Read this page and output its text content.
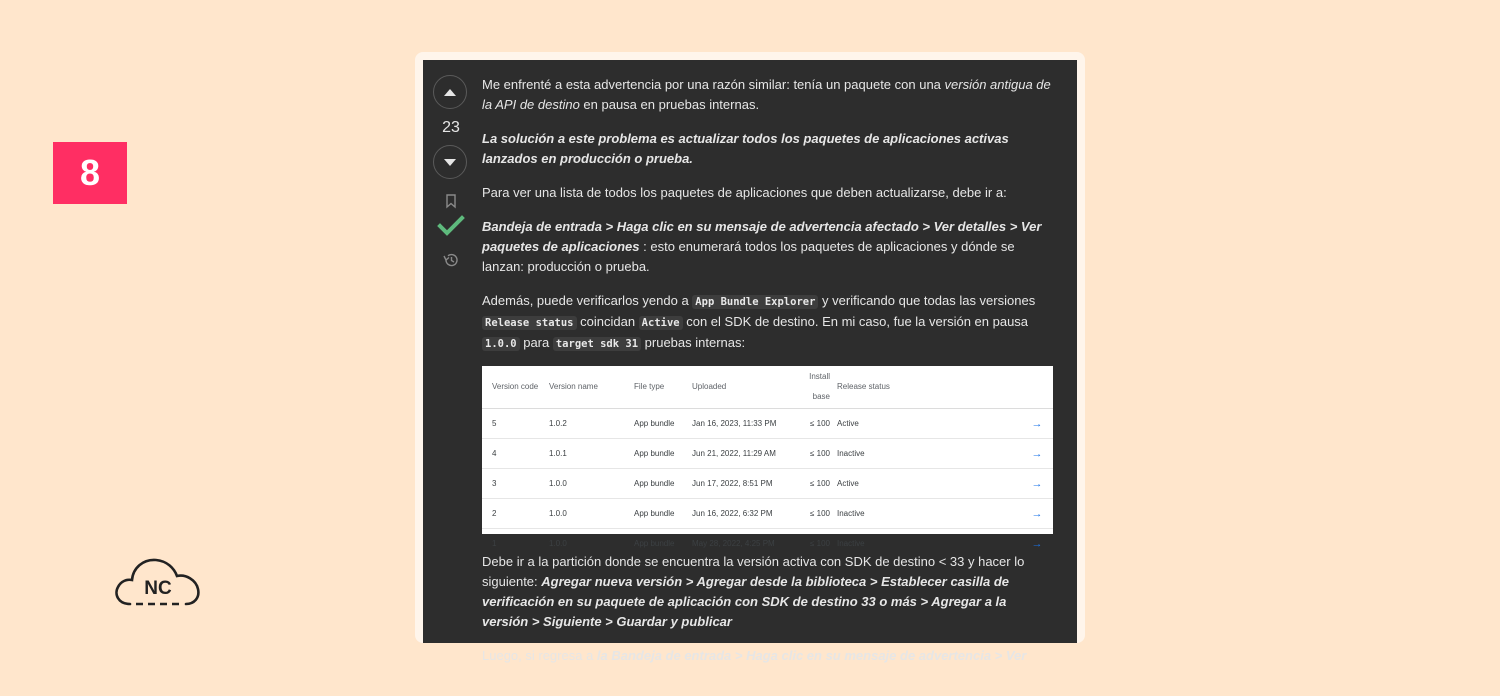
8
NC
23

Me enfrenté a esta advertencia por una razón similar: tenía un paquete con una versión antigua de la API de destino en pausa en pruebas internas.

La solución a este problema es actualizar todos los paquetes de aplicaciones activas lanzados en producción o prueba.

Para ver una lista de todos los paquetes de aplicaciones que deben actualizarse, debe ir a:

Bandeja de entrada > Haga clic en su mensaje de advertencia afectado > Ver detalles > Ver paquetes de aplicaciones : esto enumerará todos los paquetes de aplicaciones y dónde se lanzan: producción o prueba.

Además, puede verificarlos yendo a App Bundle Explorer y verificando que todas las versiones Release status coincidan Active con el SDK de destino. En mi caso, fue la versión en pausa 1.0.0 para target sdk 31 pruebas internas:

Version code	Version name	File type	Uploaded	Install base	Release status	
5	1.0.2	App bundle	Jan 16, 2023, 11:33 PM	≤ 100	Active	→
4	1.0.1	App bundle	Jun 21, 2022, 11:29 AM	≤ 100	Inactive	→
3	1.0.0	App bundle	Jun 17, 2022, 8:51 PM	≤ 100	Active	→
2	1.0.0	App bundle	Jun 16, 2022, 6:32 PM	≤ 100	Inactive	→
1	1.0.0	App bundle	May 28, 2022, 4:25 PM	≤ 100	Inactive	→

Debe ir a la partición donde se encuentra la versión activa con SDK de destino < 33 y hacer lo siguiente: Agregar nueva versión > Agregar desde la biblioteca > Establecer casilla de verificación en su paquete de aplicación con SDK de destino 33 o más > Agregar a la versión > Siguiente > Guardar y publicar

Luego, si regresa a la Bandeja de entrada > Haga clic en su mensaje de advertencia > Ver
